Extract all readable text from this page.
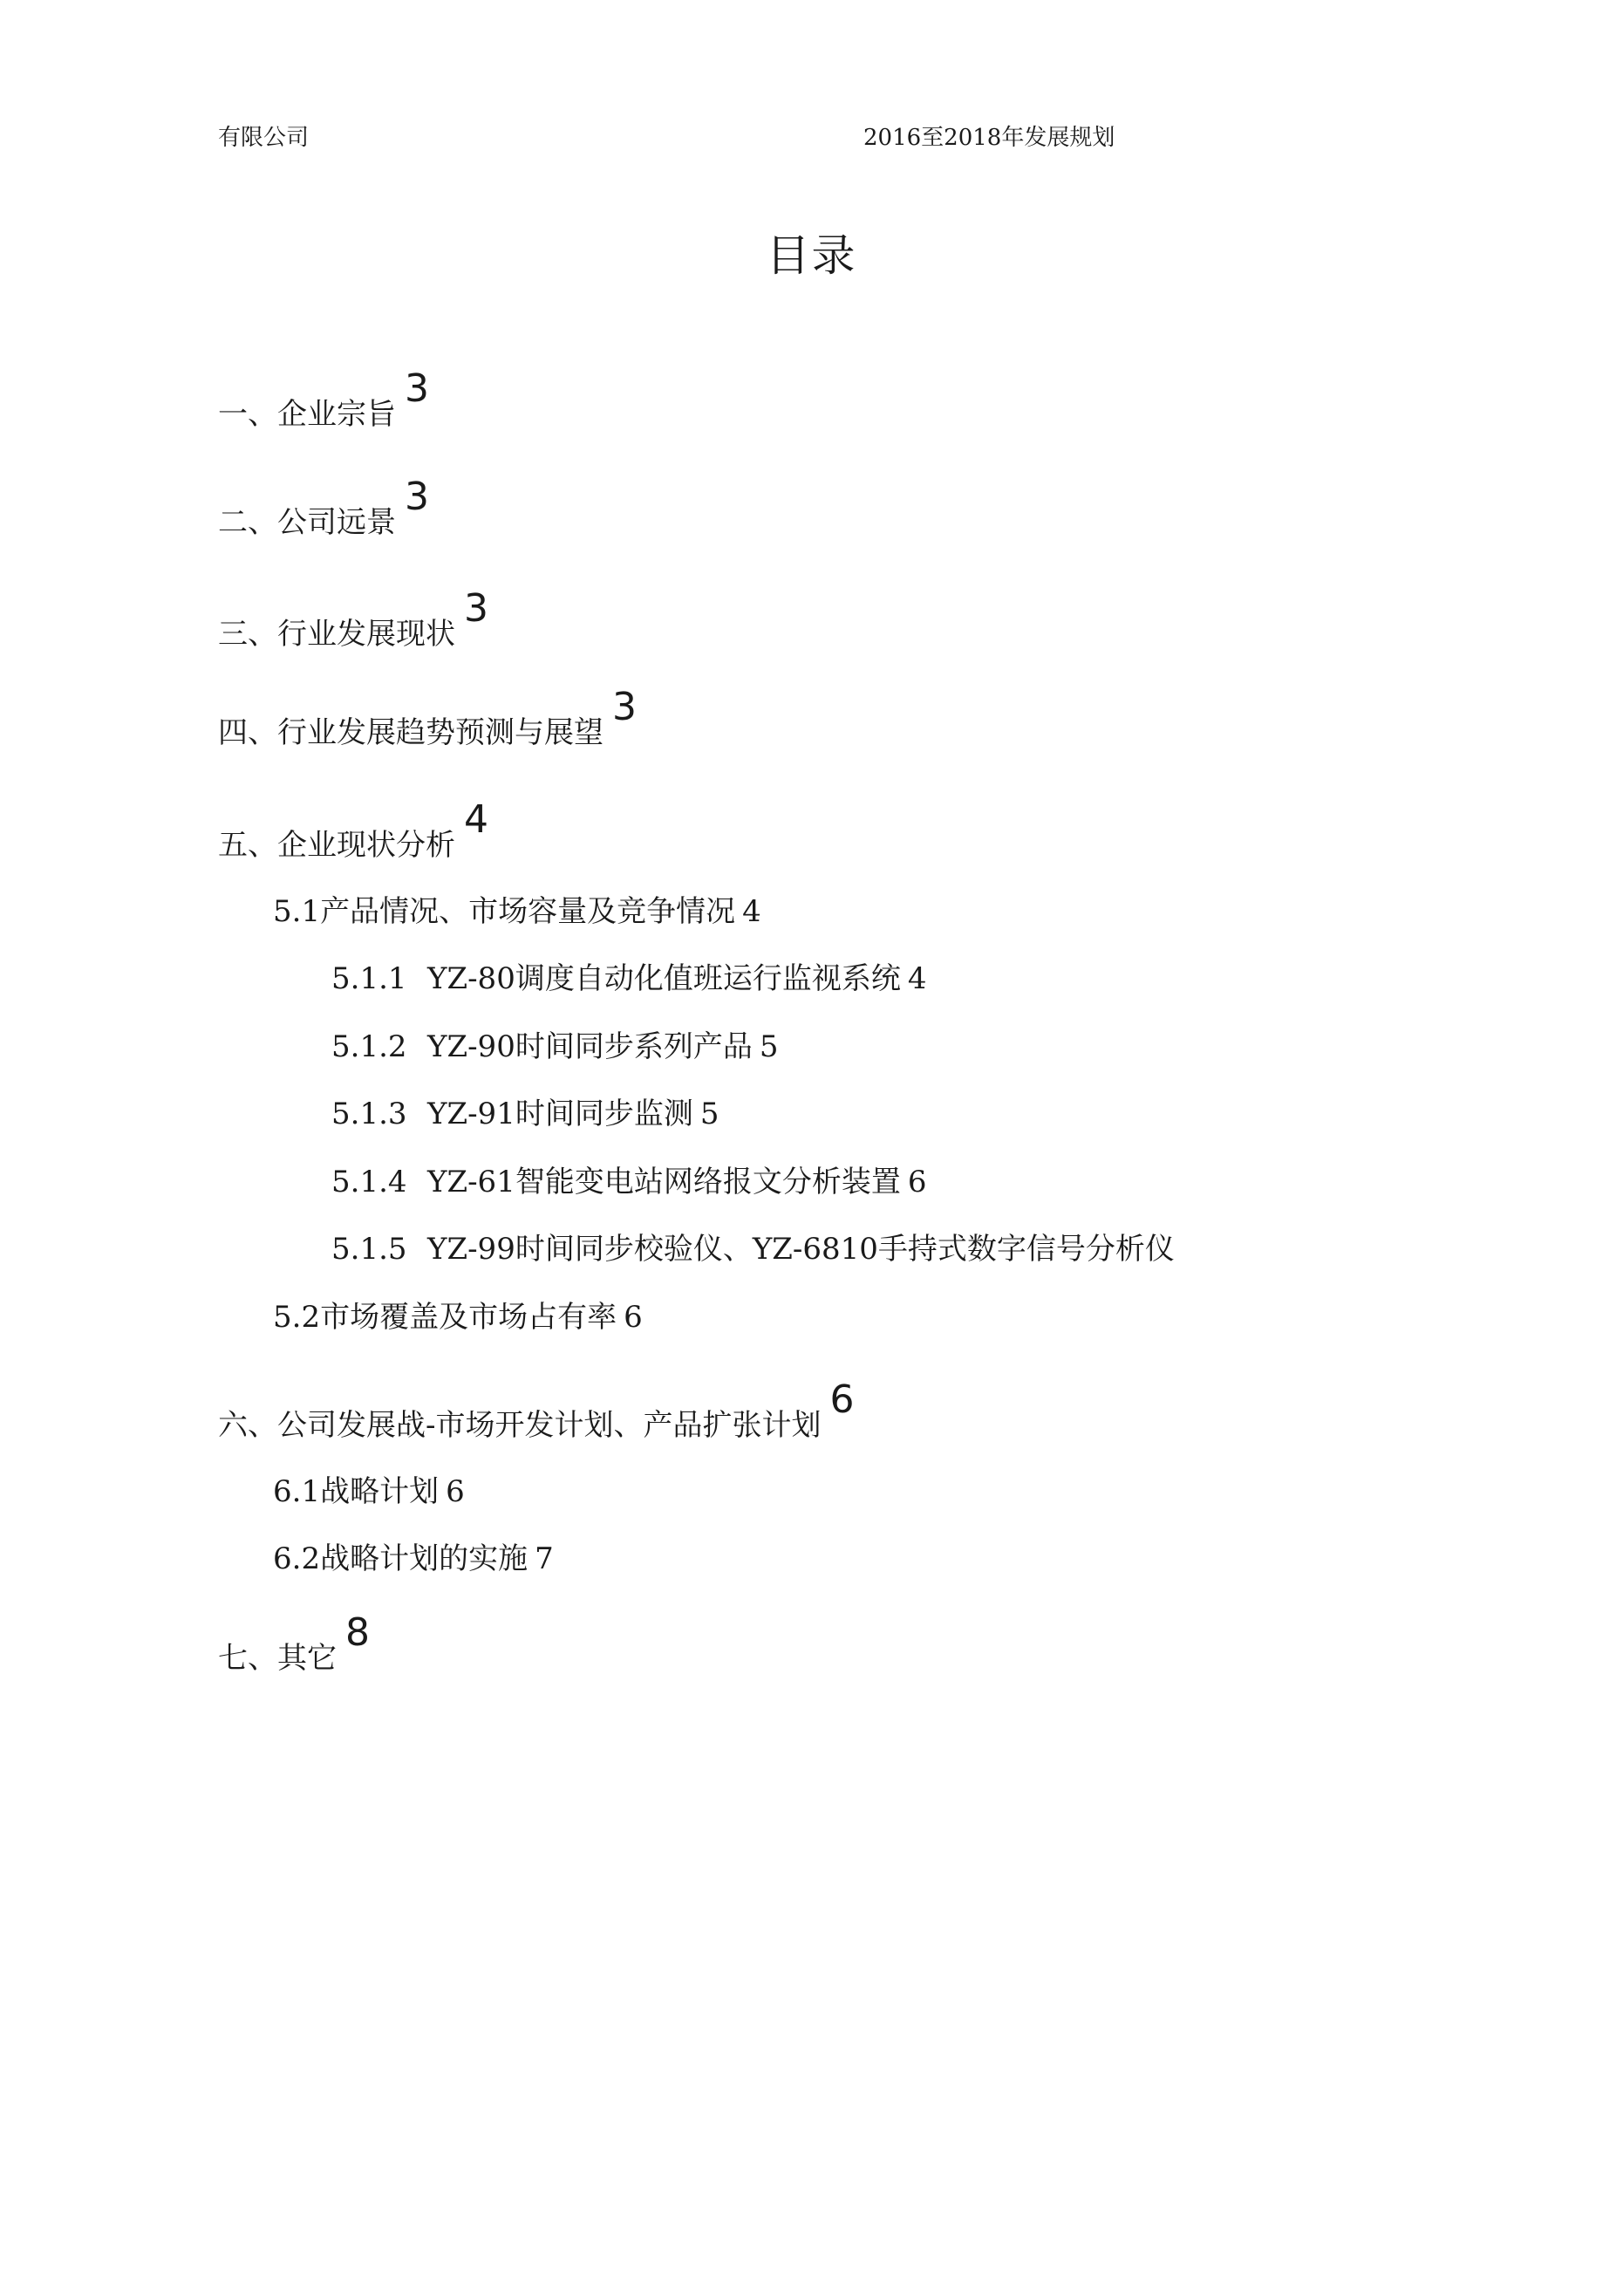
有限公司	2016至2018年发展规划
目录
一、企业宗旨3
二、公司远景3
三、行业发展现状3
四、行业发展趋势预测与展望3
五、企业现状分析4
5.1产品情况、市场容量及竞争情况 4
5.1.1 YZ-80调度自动化值班运行监视系统 4
5.1.2 YZ-90时间同步系列产品 5
5.1.3 YZ-91时间同步监测 5
5.1.4 YZ-61智能变电站网络报文分析装置 6
5.1.5 YZ-99时间同步校验仪、YZ-6810手持式数字信号分析仪
5.2市场覆盖及市场占有率 6
六、公司发展战-市场开发计划、产品扩张计划6
6.1战略计划 6
6.2战略计划的实施 7
七、其它8
